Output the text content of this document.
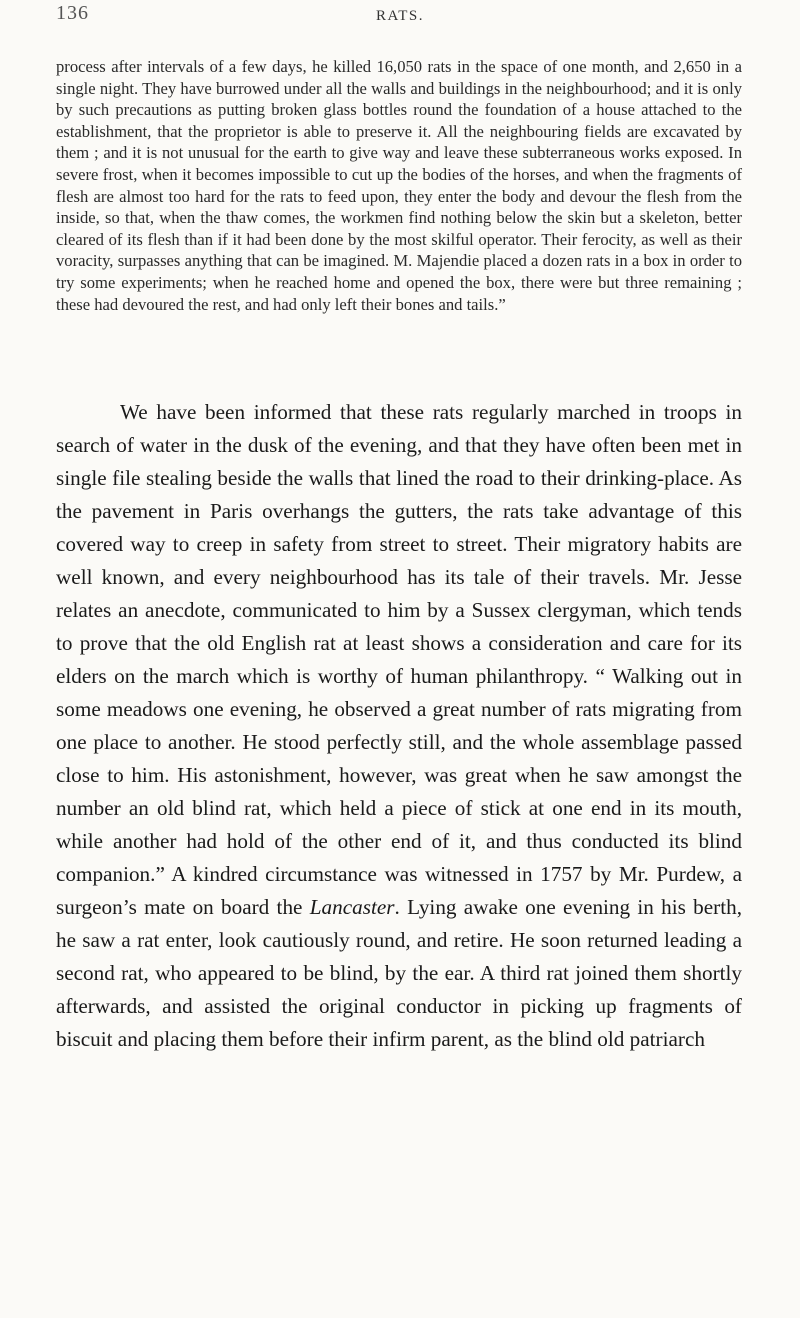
136	RATS.

process after intervals of a few days, he killed 16,050 rats in the space of one month, and 2,650 in a single night. They have burrowed under all the walls and buildings in the neighbourhood; and it is only by such precautions as putting broken glass bottles round the foundation of a house attached to the establishment, that the proprietor is able to preserve it. All the neighbouring fields are excavated by them ; and it is not unusual for the earth to give way and leave these subterraneous works exposed. In severe frost, when it becomes impossible to cut up the bodies of the horses, and when the fragments of flesh are almost too hard for the rats to feed upon, they enter the body and devour the flesh from the inside, so that, when the thaw comes, the workmen find nothing below the skin but a skeleton, better cleared of its flesh than if it had been done by the most skilful operator. Their ferocity, as well as their voracity, surpasses anything that can be imagined. M. Majendie placed a dozen rats in a box in order to try some experiments; when he reached home and opened the box, there were but three remaining ; these had devoured the rest, and had only left their bones and tails.”

We have been informed that these rats regularly marched in troops in search of water in the dusk of the evening, and that they have often been met in single file stealing beside the walls that lined the road to their drinking-place. As the pavement in Paris overhangs the gutters, the rats take advantage of this covered way to creep in safety from street to street. Their migratory habits are well known, and every neighbourhood has its tale of their travels. Mr. Jesse relates an anecdote, communicated to him by a Sussex clergyman, which tends to prove that the old English rat at least shows a consideration and care for its elders on the march which is worthy of human philanthropy. “ Walking out in some meadows one evening, he observed a great number of rats migrating from one place to another. He stood perfectly still, and the whole assemblage passed close to him. His astonishment, however, was great when he saw amongst the number an old blind rat, which held a piece of stick at one end in its mouth, while another had hold of the other end of it, and thus conducted its blind companion.” A kindred circumstance was witnessed in 1757 by Mr. Purdew, a surgeon’s mate on board the Lancaster. Lying awake one evening in his berth, he saw a rat enter, look cautiously round, and retire. He soon returned leading a second rat, who appeared to be blind, by the ear. A third rat joined them shortly afterwards, and assisted the original conductor in picking up fragments of biscuit and placing them before their infirm parent, as the blind old patriarch
